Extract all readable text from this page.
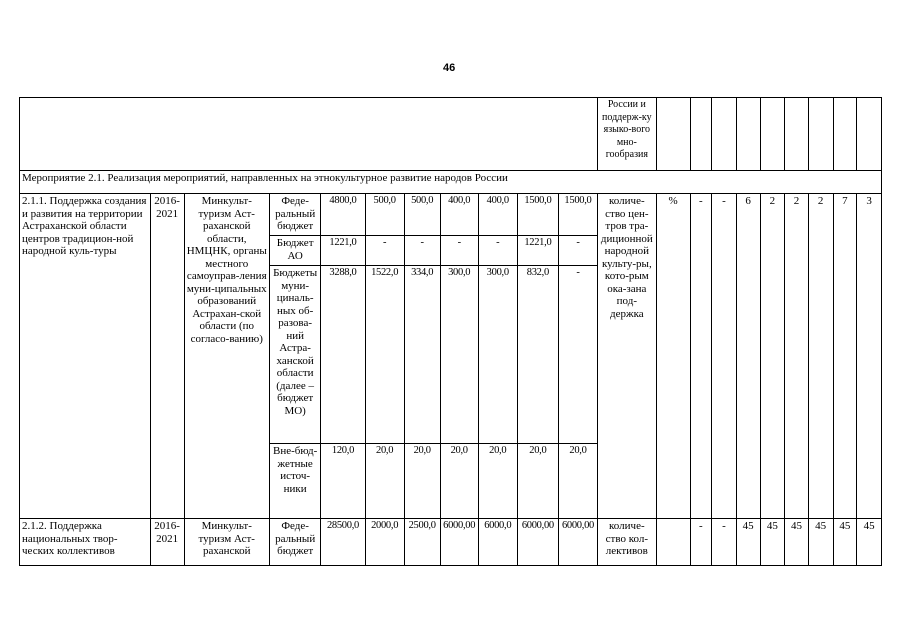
46
											России и поддерж-ку языко-вого мно-гообразия									
Мероприятие 2.1. Реализация мероприятий, направленных на этнокультурное развитие народов России																				
2.1.1. Поддержка создания и развития на территории Астраханской области центров традицион-ной народной куль-туры	2016-2021	Минкульт-туризм Аст-раханской области, НМЦНК, органы местного самоуправ-ления муни-ципальных образований Астрахан-ской области (по согласо-ванию)	Феде-ральный бюджет	4800,0	500,0	500,0	400,0	400,0	1500,0	1500,0	количе-ство цен-тров тра-диционной народной культу-ры, кото-рым ока-зана под-держка	%	-	-	6	2	2	2	7	3
			Бюджет АО	1221,0	-	-	-	-	1221,0	-										
			Бюджеты муни-циналь-ных об-разова-ний Астра-ханской области (далее – бюджет МО)	3288,0	1522,0	334,0	300,0	300,0	832,0	-										
			Вне-бюд-жетные источ-ники	120,0	20,0	20,0	20,0	20,0	20,0	20,0										
2.1.2. Поддержка национальных твор-ческих коллективов	2016-2021	Минкульт-туризм Аст-раханской	Феде-ральный бюджет	28500,0	2000,0	2500,0	6000,00	6000,0	6000,00	6000,00	количе-ство кол-лективов		-	-	45	45	45	45	45	45
